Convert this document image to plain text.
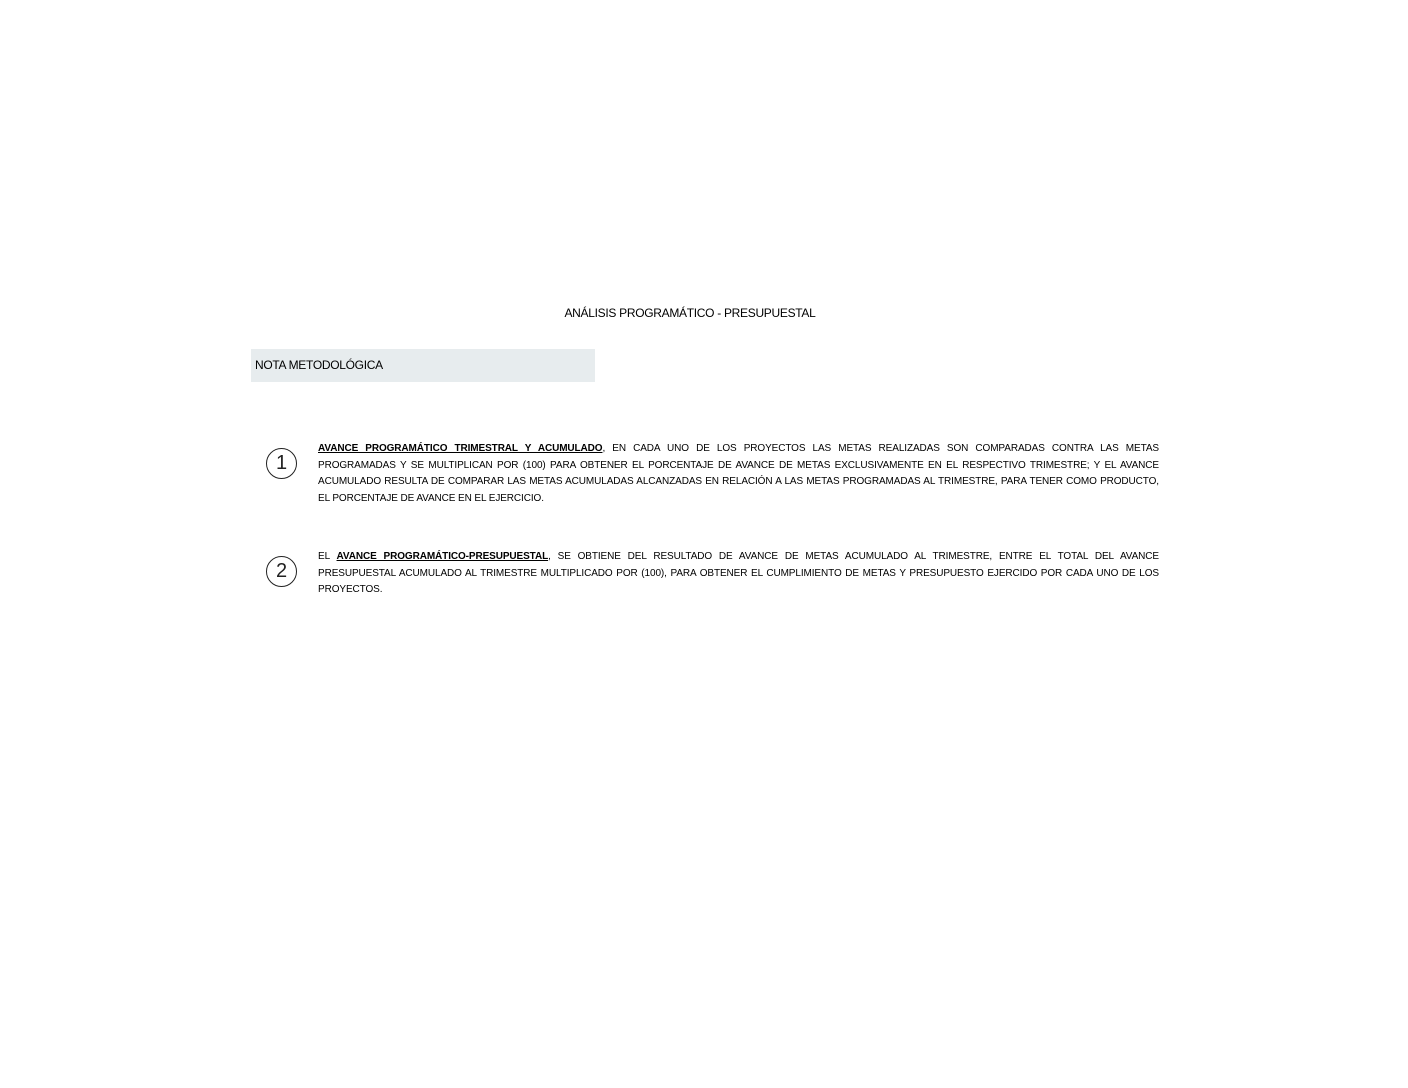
ANÁLISIS PROGRAMÁTICO - PRESUPUESTAL
NOTA METODOLÓGICA
1
AVANCE PROGRAMÁTICO TRIMESTRAL Y ACUMULADO, EN CADA UNO DE LOS PROYECTOS LAS METAS REALIZADAS SON COMPARADAS CONTRA LAS METAS PROGRAMADAS Y SE MULTIPLICAN POR (100) PARA OBTENER EL PORCENTAJE DE AVANCE DE METAS EXCLUSIVAMENTE EN EL RESPECTIVO TRIMESTRE; Y EL AVANCE ACUMULADO RESULTA DE COMPARAR LAS METAS ACUMULADAS ALCANZADAS EN RELACIÓN A LAS METAS PROGRAMADAS AL TRIMESTRE, PARA TENER COMO PRODUCTO, EL PORCENTAJE DE AVANCE EN EL EJERCICIO.
2
EL AVANCE PROGRAMÁTICO-PRESUPUESTAL, SE OBTIENE DEL RESULTADO DE AVANCE DE METAS ACUMULADO AL TRIMESTRE, ENTRE EL TOTAL DEL AVANCE PRESUPUESTAL ACUMULADO AL TRIMESTRE MULTIPLICADO POR (100), PARA OBTENER EL CUMPLIMIENTO DE METAS Y PRESUPUESTO EJERCIDO POR CADA UNO DE LOS PROYECTOS.
